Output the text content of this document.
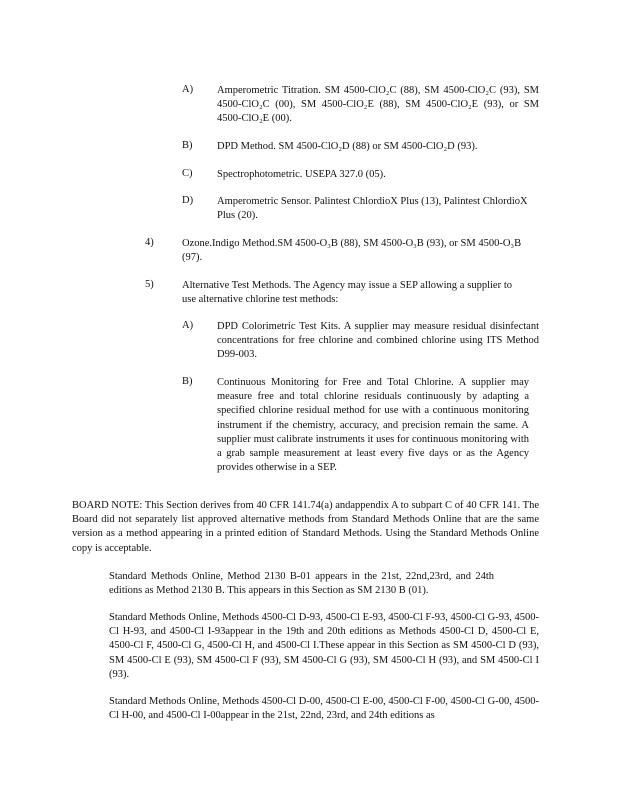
A) Amperometric Titration. SM 4500-ClO₂C (88), SM 4500-ClO₂C (93), SM 4500-ClO₂C (00), SM 4500-ClO₂E (88), SM 4500-ClO₂E (93), or SM 4500-ClO₂E (00).
B) DPD Method. SM 4500-ClO₂D (88) or SM 4500-ClO₂D (93).
C) Spectrophotometric. USEPA 327.0 (05).
D) Amperometric Sensor. Palintest ChlordioX Plus (13), Palintest ChlordioX Plus (20).
4)	Ozone.Indigo Method.SM 4500-O₃B (88), SM 4500-O₃B (93), or SM 4500-O₃B (97).
5)	Alternative Test Methods. The Agency may issue a SEP allowing a supplier to use alternative chlorine test methods:
A) DPD Colorimetric Test Kits. A supplier may measure residual disinfectant concentrations for free chlorine and combined chlorine using ITS Method D99-003.
B) Continuous Monitoring for Free and Total Chlorine. A supplier may measure free and total chlorine residuals continuously by adapting a specified chlorine residual method for use with a continuous monitoring instrument if the chemistry, accuracy, and precision remain the same. A supplier must calibrate instruments it uses for continuous monitoring with a grab sample measurement at least every five days or as the Agency provides otherwise in a SEP.
BOARD NOTE: This Section derives from 40 CFR 141.74(a) andappendix A to subpart C of 40 CFR 141. The Board did not separately list approved alternative methods from Standard Methods Online that are the same version as a method appearing in a printed edition of Standard Methods. Using the Standard Methods Online copy is acceptable.
Standard Methods Online, Method 2130 B-01 appears in the 21st, 22nd,23rd, and 24th editions as Method 2130 B. This appears in this Section as SM 2130 B (01).
Standard Methods Online, Methods 4500-Cl D-93, 4500-Cl E-93, 4500-Cl F-93, 4500-Cl G-93, 4500-Cl H-93, and 4500-Cl I-93appear in the 19th and 20th editions as Methods 4500-Cl D, 4500-Cl E, 4500-Cl F, 4500-Cl G, 4500-Cl H, and 4500-Cl I.These appear in this Section as SM 4500-Cl D (93), SM 4500-Cl E (93), SM 4500-Cl F (93), SM 4500-Cl G (93), SM 4500-Cl H (93), and SM 4500-Cl I (93).
Standard Methods Online, Methods 4500-Cl D-00, 4500-Cl E-00, 4500-Cl F-00, 4500-Cl G-00, 4500-Cl H-00, and 4500-Cl I-00appear in the 21st, 22nd, 23rd, and 24th editions as
